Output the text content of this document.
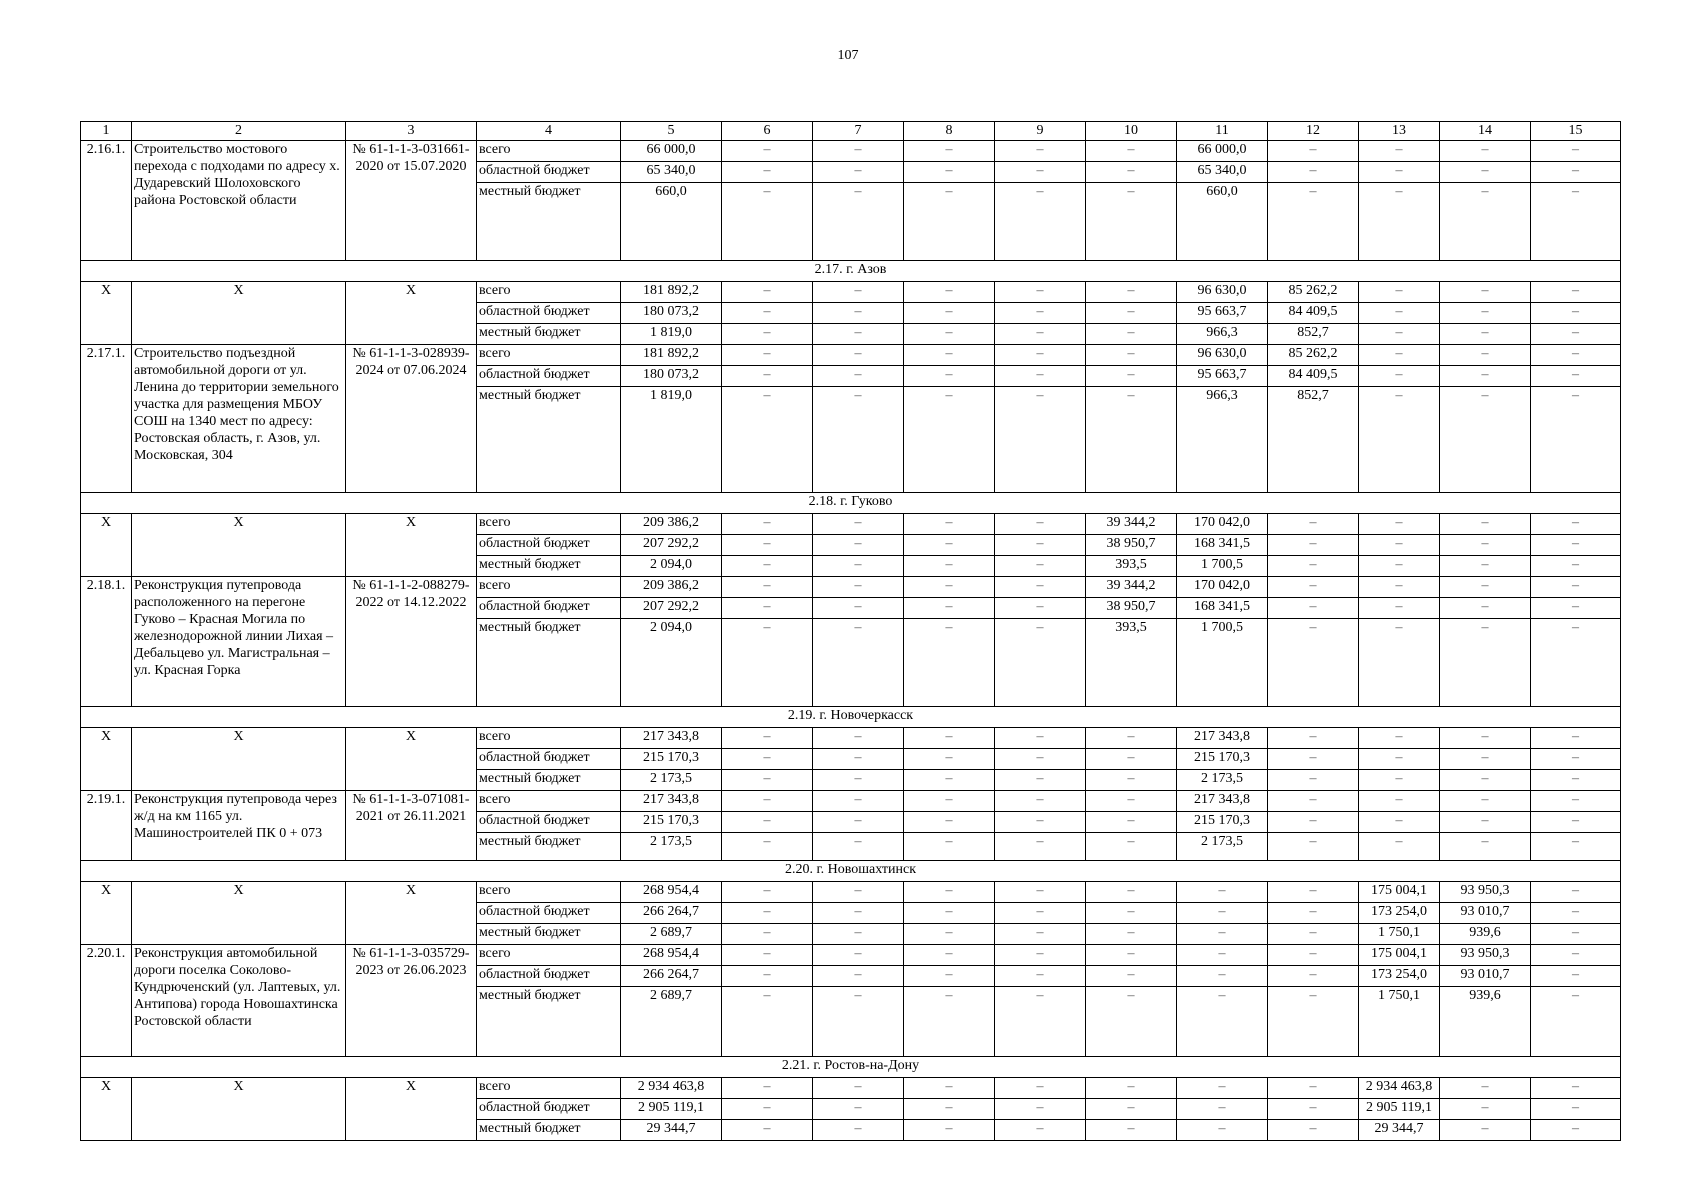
107
1	2	3	4	5	6	7	8	9	10	11	12	13	14	15
2.16.1.	Строительство мостового перехода с подходами по адресу х. Дударевский Шолоховского района Ростовской области	№ 61-1-1-3-031661-2020 от 15.07.2020	всего	66 000,0	–	–	–	–	–	66 000,0	–	–	–	–
			областной бюджет	65 340,0	–	–	–	–	–	65 340,0	–	–	–	–
			местный бюджет	660,0	–	–	–	–	–	660,0	–	–	–	–
2.17. г. Азов														
Х	Х	Х	всего	181 892,2	–	–	–	–	–	96 630,0	85 262,2	–	–	–
			областной бюджет	180 073,2	–	–	–	–	–	95 663,7	84 409,5	–	–	–
			местный бюджет	1 819,0	–	–	–	–	–	966,3	852,7	–	–	–
2.17.1.	Строительство подъездной автомобильной дороги от ул. Ленина до территории земельного участка для размещения МБОУ СОШ на 1340 мест по адресу: Ростовская область, г. Азов, ул. Московская, 304	№ 61-1-1-3-028939-2024 от 07.06.2024	всего	181 892,2	–	–	–	–	–	96 630,0	85 262,2	–	–	–
			областной бюджет	180 073,2	–	–	–	–	–	95 663,7	84 409,5	–	–	–
			местный бюджет	1 819,0	–	–	–	–	–	966,3	852,7	–	–	–
2.18. г. Гуково														
Х	Х	Х	всего	209 386,2	–	–	–	–	39 344,2	170 042,0	–	–	–	–
			областной бюджет	207 292,2	–	–	–	–	38 950,7	168 341,5	–	–	–	–
			местный бюджет	2 094,0	–	–	–	–	393,5	1 700,5	–	–	–	–
2.18.1.	Реконструкция путепровода расположенного на перегоне Гуково – Красная Могила по железнодорожной линии Лихая – Дебальцево ул. Магистральная – ул. Красная Горка	№ 61-1-1-2-088279-2022 от 14.12.2022	всего	209 386,2	–	–	–	–	39 344,2	170 042,0	–	–	–	–
			областной бюджет	207 292,2	–	–	–	–	38 950,7	168 341,5	–	–	–	–
			местный бюджет	2 094,0	–	–	–	–	393,5	1 700,5	–	–	–	–
2.19. г. Новочеркасск														
Х	Х	Х	всего	217 343,8	–	–	–	–	–	217 343,8	–	–	–	–
			областной бюджет	215 170,3	–	–	–	–	–	215 170,3	–	–	–	–
			местный бюджет	2 173,5	–	–	–	–	–	2 173,5	–	–	–	–
2.19.1.	Реконструкция путепровода через ж/д на км 1165 ул. Машиностроителей ПК 0 + 073	№ 61-1-1-3-071081-2021 от 26.11.2021	всего	217 343,8	–	–	–	–	–	217 343,8	–	–	–	–
			областной бюджет	215 170,3	–	–	–	–	–	215 170,3	–	–	–	–
			местный бюджет	2 173,5	–	–	–	–	–	2 173,5	–	–	–	–
2.20. г. Новошахтинск														
Х	Х	Х	всего	268 954,4	–	–	–	–	–	–	–	175 004,1	93 950,3	–
			областной бюджет	266 264,7	–	–	–	–	–	–	–	173 254,0	93 010,7	–
			местный бюджет	2 689,7	–	–	–	–	–	–	–	1 750,1	939,6	–
2.20.1.	Реконструкция автомобильной дороги поселка Соколово-Кундрюченский (ул. Лаптевых, ул. Антипова) города Новошахтинска Ростовской области	№ 61-1-1-3-035729-2023 от 26.06.2023	всего	268 954,4	–	–	–	–	–	–	–	175 004,1	93 950,3	–
			областной бюджет	266 264,7	–	–	–	–	–	–	–	173 254,0	93 010,7	–
			местный бюджет	2 689,7	–	–	–	–	–	–	–	1 750,1	939,6	–
2.21. г. Ростов-на-Дону														
Х	Х	Х	всего	2 934 463,8	–	–	–	–	–	–	–	2 934 463,8	–	–
			областной бюджет	2 905 119,1	–	–	–	–	–	–	–	2 905 119,1	–	–
			местный бюджет	29 344,7	–	–	–	–	–	–	–	29 344,7	–	–
